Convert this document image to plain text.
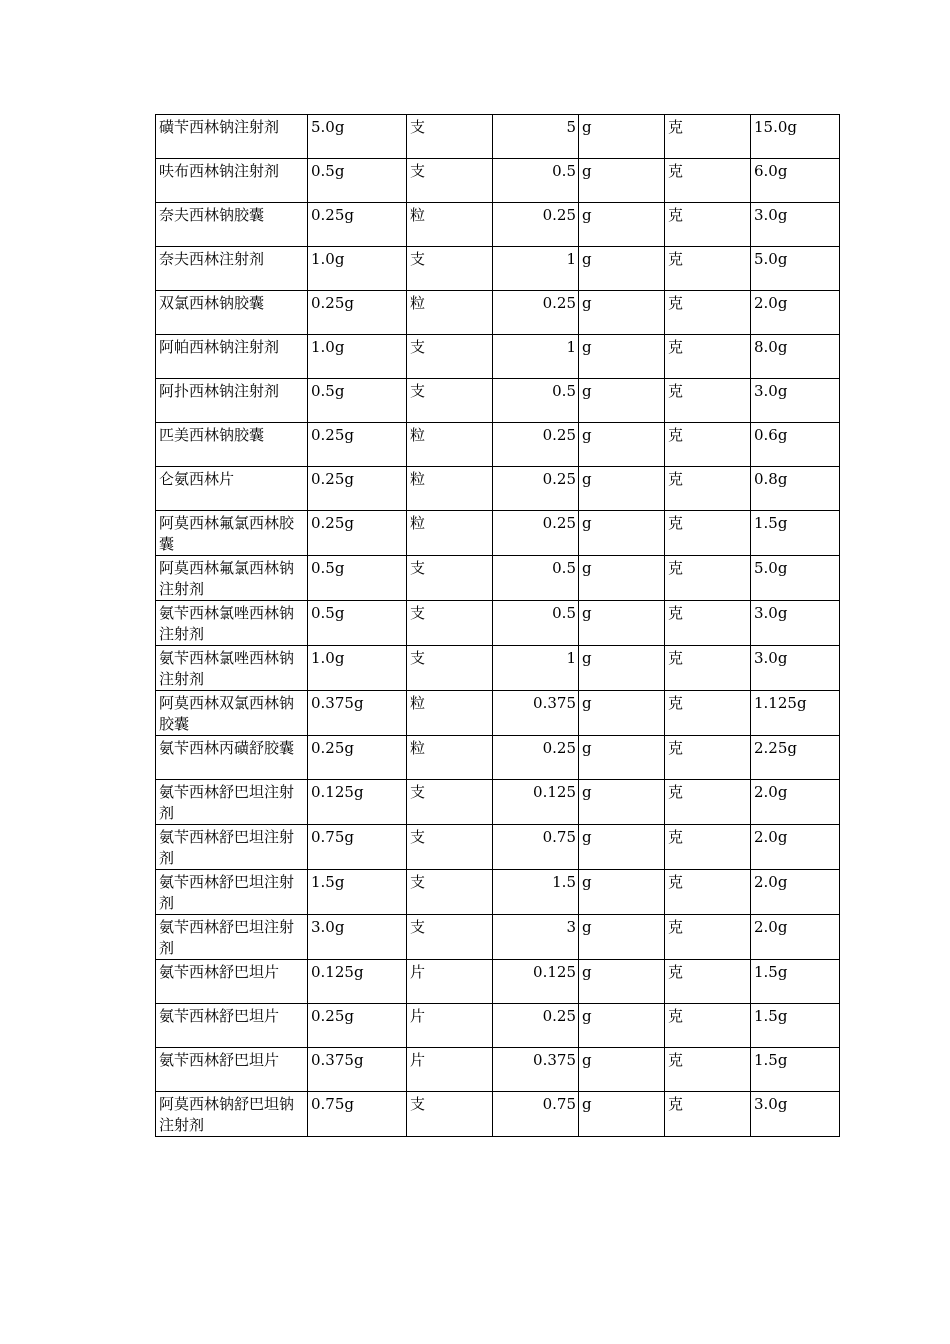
磺苄西林钠注射剂	5.0g	支	5	g	克	15.0g
呋布西林钠注射剂	0.5g	支	0.5	g	克	6.0g
奈夫西林钠胶囊	0.25g	粒	0.25	g	克	3.0g
奈夫西林注射剂	1.0g	支	1	g	克	5.0g
双氯西林钠胶囊	0.25g	粒	0.25	g	克	2.0g
阿帕西林钠注射剂	1.0g	支	1	g	克	8.0g
阿扑西林钠注射剂	0.5g	支	0.5	g	克	3.0g
匹美西林钠胶囊	0.25g	粒	0.25	g	克	0.6g
仑氨西林片	0.25g	粒	0.25	g	克	0.8g
阿莫西林氟氯西林胶囊	0.25g	粒	0.25	g	克	1.5g
阿莫西林氟氯西林钠注射剂	0.5g	支	0.5	g	克	5.0g
氨苄西林氯唑西林钠注射剂	0.5g	支	0.5	g	克	3.0g
氨苄西林氯唑西林钠注射剂	1.0g	支	1	g	克	3.0g
阿莫西林双氯西林钠胶囊	0.375g	粒	0.375	g	克	1.125g
氨苄西林丙磺舒胶囊	0.25g	粒	0.25	g	克	2.25g
氨苄西林舒巴坦注射剂	0.125g	支	0.125	g	克	2.0g
氨苄西林舒巴坦注射剂	0.75g	支	0.75	g	克	2.0g
氨苄西林舒巴坦注射剂	1.5g	支	1.5	g	克	2.0g
氨苄西林舒巴坦注射剂	3.0g	支	3	g	克	2.0g
氨苄西林舒巴坦片	0.125g	片	0.125	g	克	1.5g
氨苄西林舒巴坦片	0.25g	片	0.25	g	克	1.5g
氨苄西林舒巴坦片	0.375g	片	0.375	g	克	1.5g
阿莫西林钠舒巴坦钠注射剂	0.75g	支	0.75	g	克	3.0g
